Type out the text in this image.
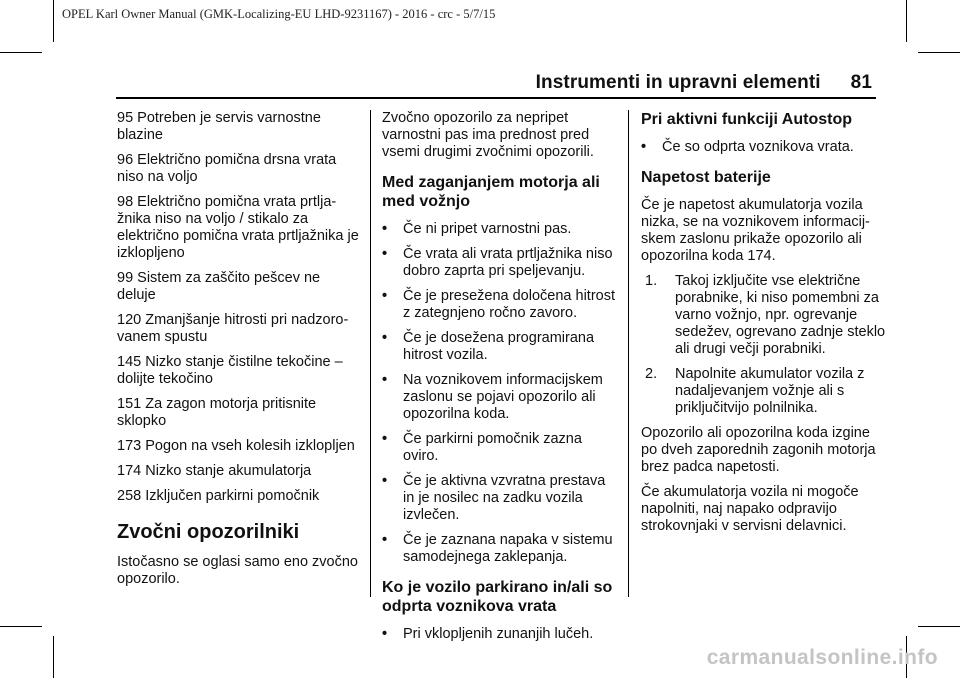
OPEL Karl Owner Manual (GMK-Localizing-EU LHD-9231167) - 2016 - crc - 5/7/15
Instrumenti in upravni elementi 81

95 Potreben je servis varnostne blazine

96 Električno pomična drsna vrata niso na voljo

98 Električno pomična vrata prtlja-žnika niso na voljo / stikalo za električno pomična vrata prtljažnika je izklopljeno

99 Sistem za zaščito pešcev ne deluje

120 Zmanjšanje hitrosti pri nadzoro-vanem spustu

145 Nizko stanje čistilne tekočine – dolijte tekočino

151 Za zagon motorja pritisnite sklopko

173 Pogon na vseh kolesih izklopljen

174 Nizko stanje akumulatorja

258 Izključen parkirni pomočnik

Zvočni opozorilniki

Istočasno se oglasi samo eno zvočno opozorilo.

Zvočno opozorilo za nepripet varnostni pas ima prednost pred vsemi drugimi zvočnimi opozorili.

Med zaganjanjem motorja ali med vožnjo
• Če ni pripet varnostni pas.
• Če vrata ali vrata prtljažnika niso dobro zaprta pri speljevanju.
• Če je presežena določena hitrost z zategnjeno ročno zavoro.
• Če je dosežena programirana hitrost vozila.
• Na voznikovem informacijskem zaslonu se pojavi opozorilo ali opozorilna koda.
• Če parkirni pomočnik zazna oviro.
• Če je aktivna vzvratna prestava in je nosilec na zadku vozila izvlečen.
• Če je zaznana napaka v sistemu samodejnega zaklepanja.
Ko je vozilo parkirano in/ali so odprta voznikova vrata
• Pri vklopljenih zunanjih lučeh.
Pri aktivni funkciji Autostop
• Če so odprta voznikova vrata.
Napetost baterije

Če je napetost akumulatorja vozila nizka, se na voznikovem informacij-skem zaslonu prikaže opozorilo ali opozorilna koda 174.

1. Takoj izključite vse električne porabnike, ki niso pomembni za varno vožnjo, npr. ogrevanje sedežev, ogrevano zadnje steklo ali drugi večji porabniki.
2. Napolnite akumulator vozila z nadaljevanjem vožnje ali s priključitvijo polnilnika.

Opozorilo ali opozorilna koda izgine po dveh zaporednih zagonih motorja brez padca napetosti.

Če akumulatorja vozila ni mogoče napolniti, naj napako odpravijo strokovnjaki v servisni delavnici.

carmanualsonline.info
